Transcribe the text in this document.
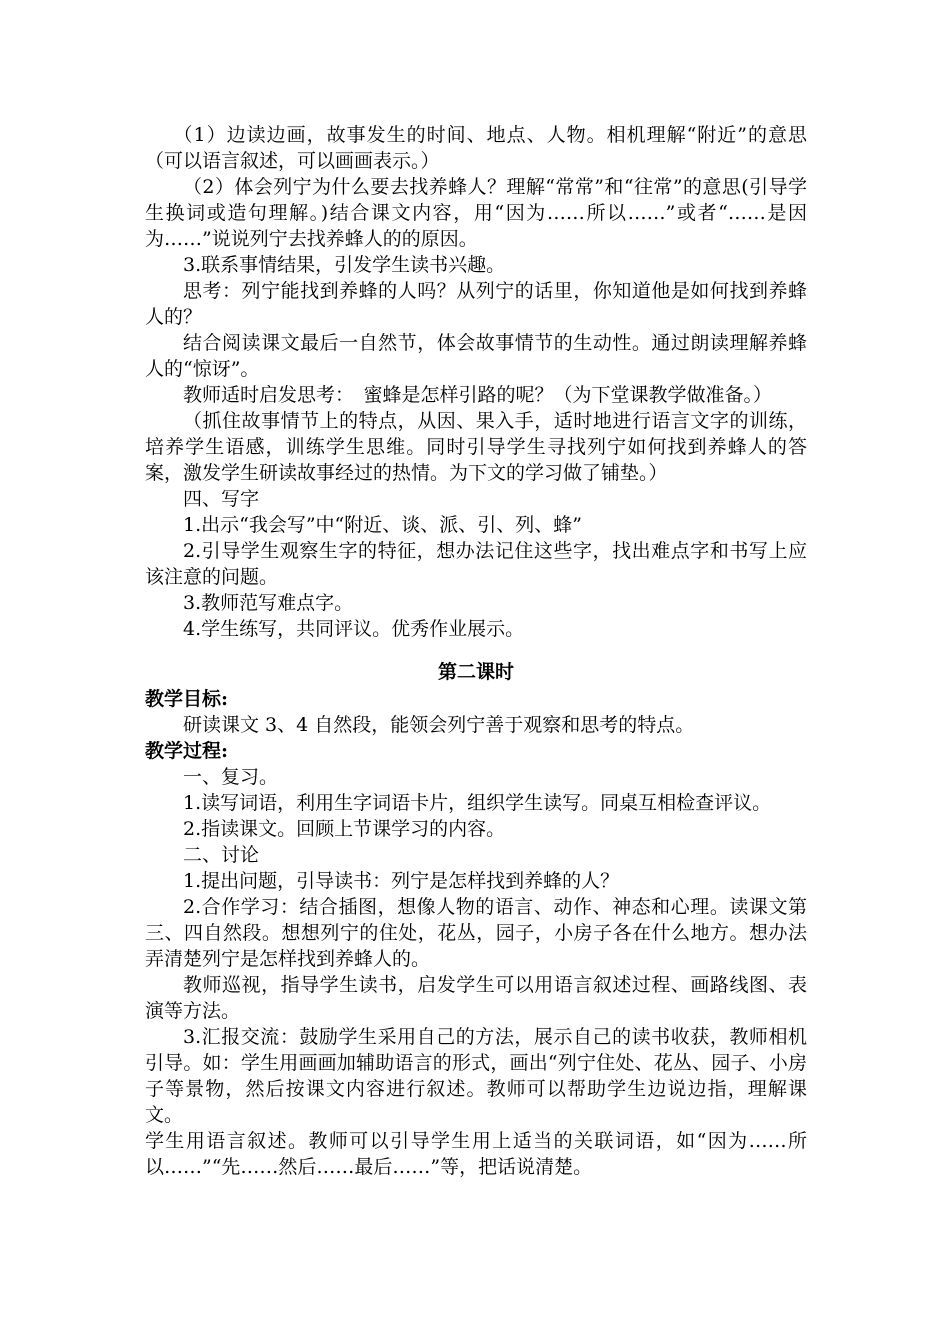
（1）边读边画，故事发生的时间、地点、人物。相机理解“附近”的意思（可以语言叙述，可以画画表示。）

（2）体会列宁为什么要去找养蜂人？理解“常常”和“往常”的意思(引导学生换词或造句理解。)结合课文内容，用“因为……所以……”或者“……是因为……”说说列宁去找养蜂人的的原因。

3.联系事情结果，引发学生读书兴趣。

思考：列宁能找到养蜂的人吗？从列宁的话里，你知道他是如何找到养蜂人的？

结合阅读课文最后一自然节，体会故事情节的生动性。通过朗读理解养蜂人的“惊讶”。

教师适时启发思考：　蜜蜂是怎样引路的呢？（为下堂课教学做准备。）

（抓住故事情节上的特点，从因、果入手，适时地进行语言文字的训练，培养学生语感，训练学生思维。同时引导学生寻找列宁如何找到养蜂人的答案，激发学生研读故事经过的热情。为下文的学习做了铺垫。）

四、写字

1.出示“我会写”中“附近、谈、派、引、列、蜂”

2.引导学生观察生字的特征，想办法记住这些字，找出难点字和书写上应该注意的问题。

3.教师范写难点字。

4.学生练写，共同评议。优秀作业展示。

第二课时

教学目标:

研读课文 3、4 自然段，能领会列宁善于观察和思考的特点。

教学过程:

一、复习。

1.读写词语，利用生字词语卡片，组织学生读写。同桌互相检查评议。

2.指读课文。回顾上节课学习的内容。

二、讨论

1.提出问题，引导读书：列宁是怎样找到养蜂的人？

2.合作学习：结合插图，想像人物的语言、动作、神态和心理。读课文第三、四自然段。想想列宁的住处，花丛，园子，小房子各在什么地方。想办法弄清楚列宁是怎样找到养蜂人的。

教师巡视，指导学生读书，启发学生可以用语言叙述过程、画路线图、表演等方法。

3.汇报交流：鼓励学生采用自己的方法，展示自己的读书收获，教师相机引导。如：学生用画画加辅助语言的形式，画出“列宁住处、花丛、园子、小房子等景物，然后按课文内容进行叙述。教师可以帮助学生边说边指，理解课文。

学生用语言叙述。教师可以引导学生用上适当的关联词语，如“因为……所以……”“先……然后……最后……”等，把话说清楚。
